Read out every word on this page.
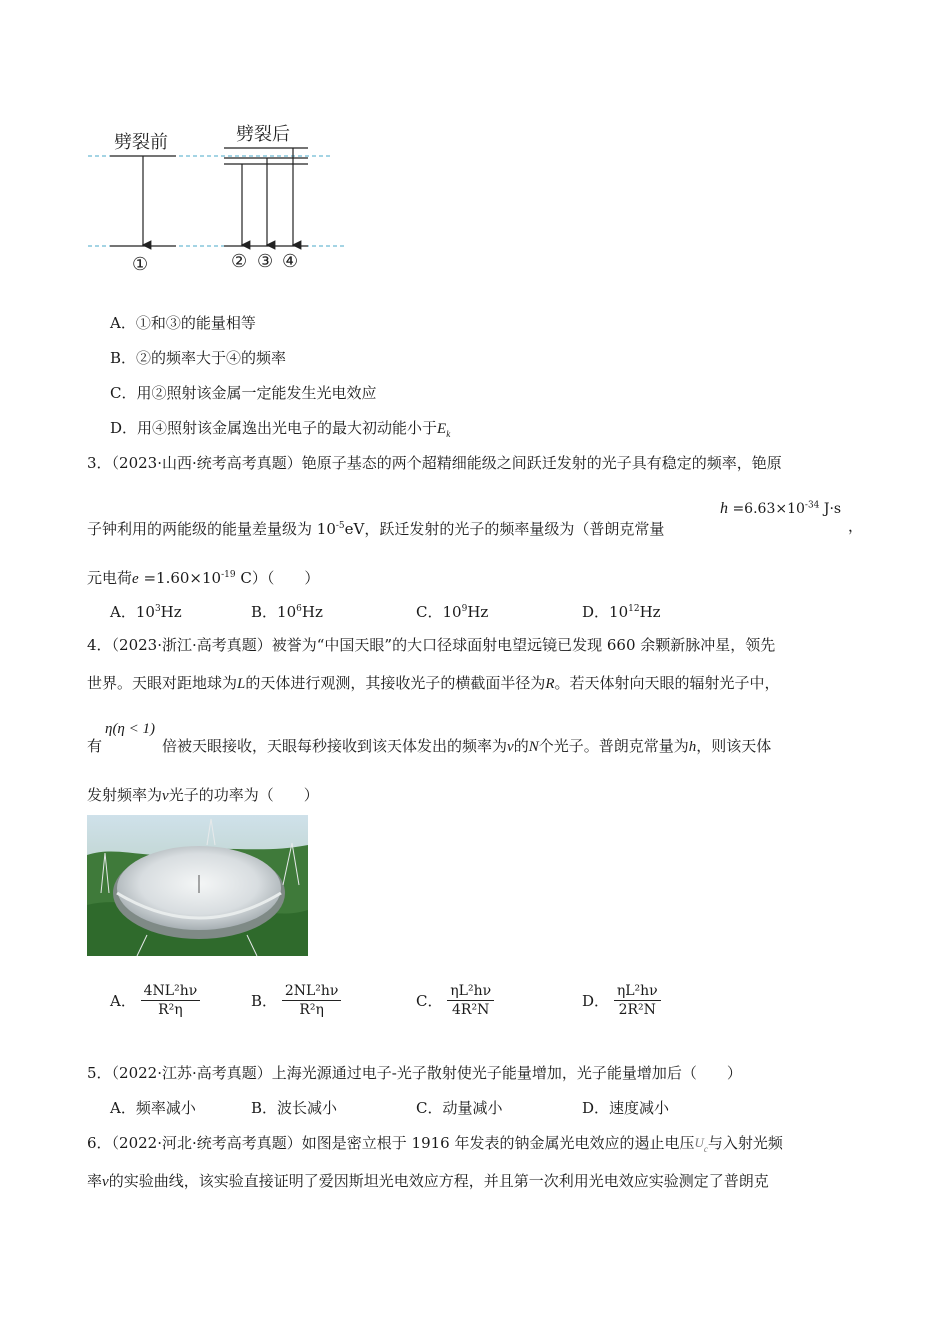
劈裂前	劈裂后
①	② ③ ④
A．①和③的能量相等
B．②的频率大于④的频率
C．用②照射该金属一定能发生光电效应
D．用④照射该金属逸出光电子的最大初动能小于$E_k$
3．（2023·山西·统考高考真题）铯原子基态的两个超精细能级之间跃迁发射的光子具有稳定的频率，铯原
子钟利用的两能级的能量差量级为 $10^{-5}eV$，跃迁发射的光子的频率量级为（普朗克常量
$h =6.63\times 10^{-34}$ J·s
，
元电荷$e =1.60\times 10^{-19}$ C）（　　）
A．$10^3Hz$	B．$10^6Hz$	C．$10^9Hz$	D．$10^{12}Hz$
4．（2023·浙江·高考真题）被誉为“中国天眼”的大口径球面射电望远镜已发现 660 余颗新脉冲星，领先
世界。天眼对距地球为L的天体进行观测，其接收光子的横截面半径为R。若天体射向天眼的辐射光子中，
η(η < 1)
有	倍被天眼接收，天眼每秒接收到该天体发出的频率为ν的N个光子。普朗克常量为h，则该天体
发射频率为ν光子的功率为（　　）
A． $\frac{\text{4NL²hν}}{\text{R²η}}$	B． $\frac{\text{2NL²hν}}{\text{R²η}}$	C． $\frac{\text{ηL²hν}}{\text{4R²N}}$	D． $\frac{\text{ηL²hν}}{\text{2R²N}}$
5．（2022·江苏·高考真题）上海光源通过电子-光子散射使光子能量增加，光子能量增加后（　　）
A．频率减小	B．波长减小	C．动量减小	D．速度减小
6．（2022·河北·统考高考真题）如图是密立根于 1916 年发表的钠金属光电效应的遏止电压$U_c$与入射光频
率ν的实验曲线，该实验直接证明了爱因斯坦光电效应方程，并且第一次利用光电效应实验测定了普朗克
